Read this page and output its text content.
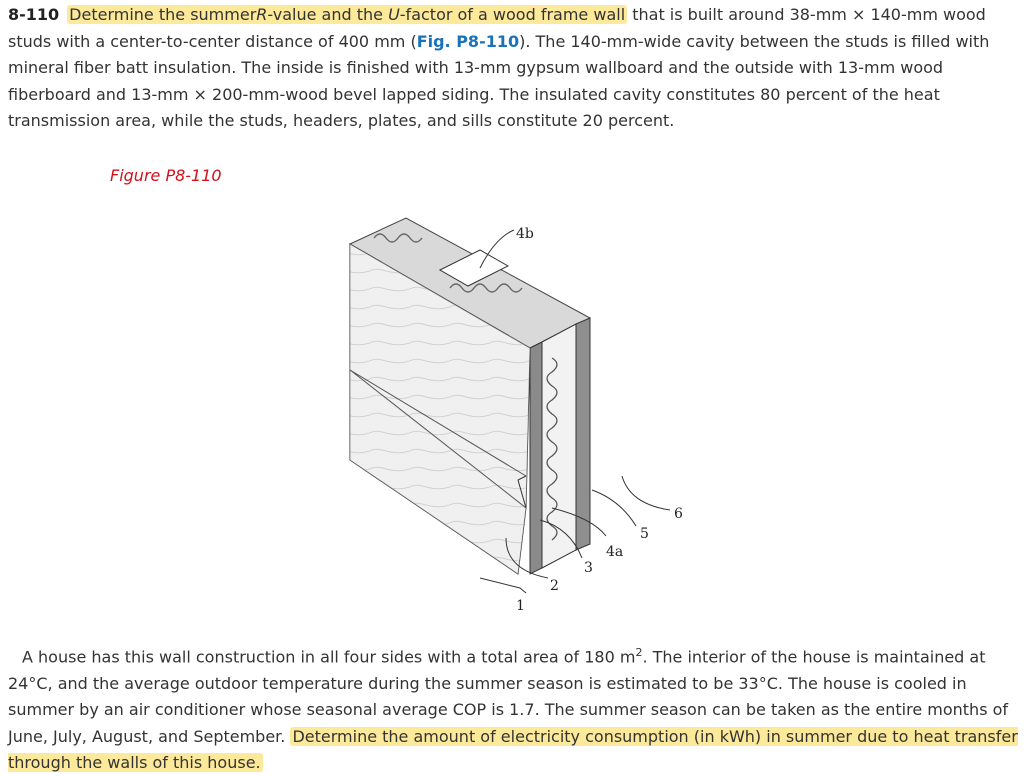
8-110 Determine the summerR-value and the U-factor of a wood frame wall that is built around 38-mm × 140-mm wood studs with a center-to-center distance of 400 mm (Fig. P8-110). The 140-mm-wide cavity between the studs is filled with mineral fiber batt insulation. The inside is finished with 13-mm gypsum wallboard and the outside with 13-mm wood fiberboard and 13-mm × 200-mm-wood bevel lapped siding. The insulated cavity constitutes 80 percent of the heat transmission area, while the studs, headers, plates, and sills constitute 20 percent.
Figure P8-110
4b
1
2
3
4a
5
6
A house has this wall construction in all four sides with a total area of 180 $m^2$. The interior of the house is maintained at 24°C, and the average outdoor temperature during the summer season is estimated to be 33°C. The house is cooled in summer by an air conditioner whose seasonal average COP is 1.7. The summer season can be taken as the entire months of June, July, August, and September. Determine the amount of electricity consumption (in kWh) in summer due to heat transfer through the walls of this house.
